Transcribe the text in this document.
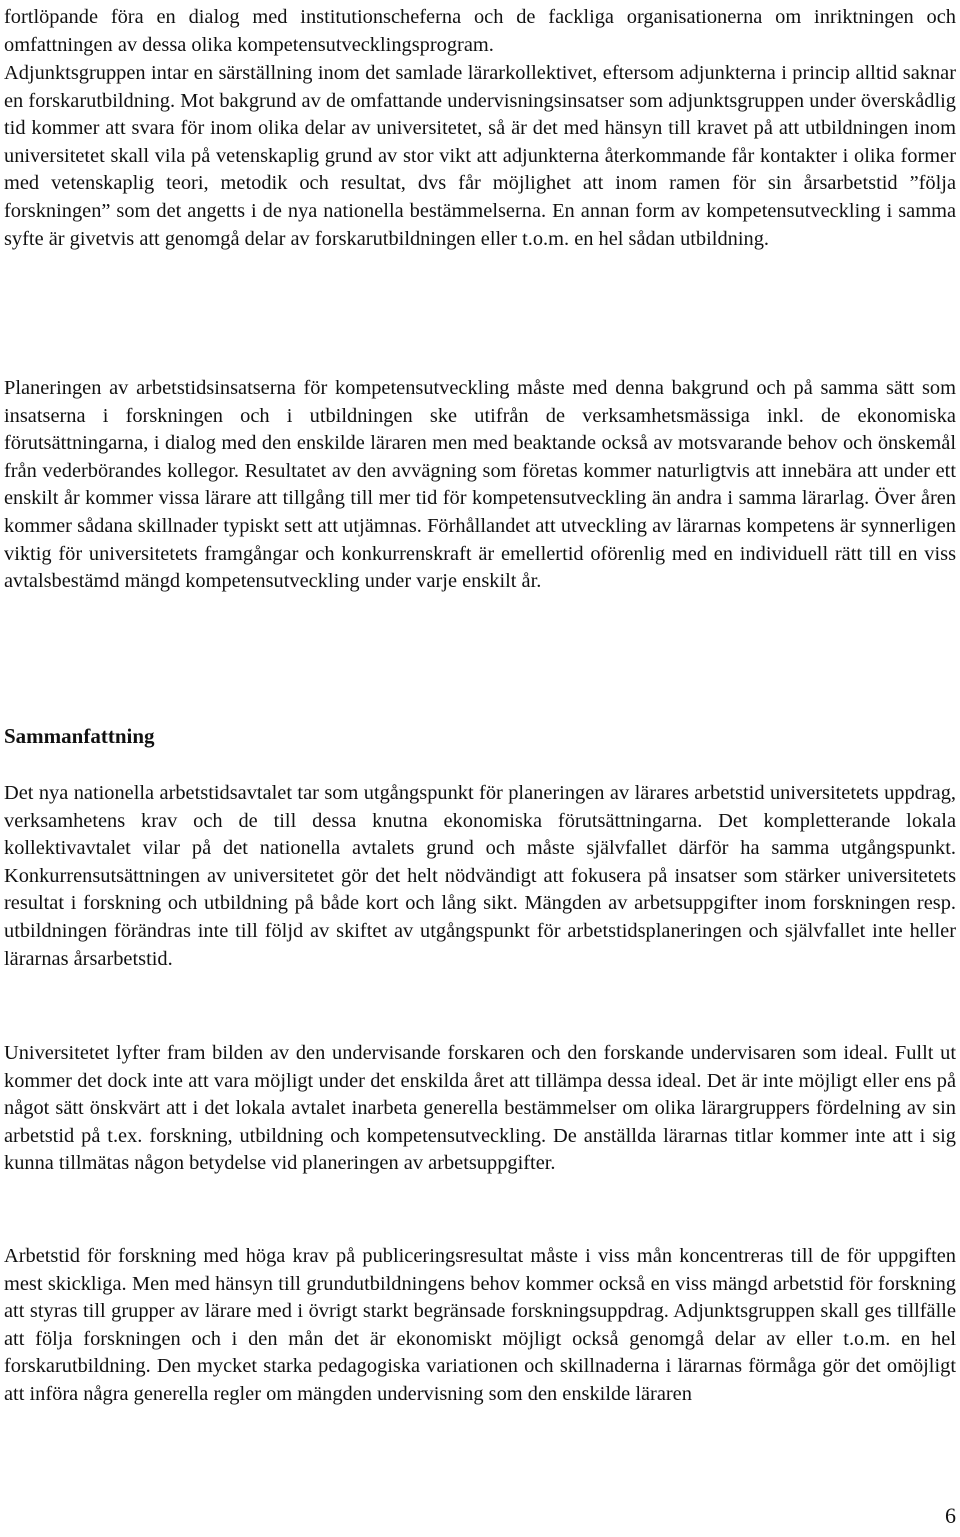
fortlöpande föra en dialog med institutionscheferna och de fackliga organisationerna om inriktningen och omfattningen av dessa olika kompetensutvecklingsprogram.

Adjunktsgruppen intar en särställning inom det samlade lärarkollektivet, eftersom adjunkterna i princip alltid saknar en forskarutbildning. Mot bakgrund av de omfattande undervisningsinsatser som adjunktsgruppen under överskådlig tid kommer att svara för inom olika delar av universitetet, så är det med hänsyn till kravet på att utbildningen inom universitetet skall vila på vetenskaplig grund av stor vikt att adjunkterna återkommande får kontakter i olika former med vetenskaplig teori, metodik och resultat, dvs får möjlighet att inom ramen för sin årsarbetstid ”följa forskningen” som det angetts i de nya nationella bestämmelserna. En annan form av kompetensutveckling i samma syfte är givetvis att genomgå delar av forskarutbildningen eller t.o.m. en hel sådan utbildning.

Planeringen av arbetstidsinsatserna för kompetensutveckling måste med denna bakgrund och på samma sätt som insatserna i forskningen och i utbildningen ske utifrån de verksamhetsmässiga inkl. de ekonomiska förutsättningarna, i dialog med den enskilde läraren men med beaktande också av motsvarande behov och önskemål från vederbörandes kollegor. Resultatet av den avvägning som företas kommer naturligtvis att innebära att under ett enskilt år kommer vissa lärare att tillgång till mer tid för kompetensutveckling än andra i samma lärarlag. Över åren kommer sådana skillnader typiskt sett att utjämnas. Förhållandet att utveckling av lärarnas kompetens är synnerligen viktig för universitetets framgångar och konkurrenskraft är emellertid oförenlig med en individuell rätt till en viss avtalsbestämd mängd kompetensutveckling under varje enskilt år.

Sammanfattning

Det nya nationella arbetstidsavtalet tar som utgångspunkt för planeringen av lärares arbetstid universitetets uppdrag, verksamhetens krav och de till dessa knutna ekonomiska förutsättningarna. Det kompletterande lokala kollektivavtalet vilar på det nationella avtalets grund och måste självfallet därför ha samma utgångspunkt. Konkurrensutsättningen av universitetet gör det helt nödvändigt att fokusera på insatser som stärker universitetets resultat i forskning och utbildning på både kort och lång sikt. Mängden av arbetsuppgifter inom forskningen resp. utbildningen förändras inte till följd av skiftet av utgångspunkt för arbetstidsplaneringen och självfallet inte heller lärarnas årsarbetstid.

Universitetet lyfter fram bilden av den undervisande forskaren och den forskande undervisaren som ideal. Fullt ut kommer det dock inte att vara möjligt under det enskilda året att tillämpa dessa ideal. Det är inte möjligt eller ens på något sätt önskvärt att i det lokala avtalet inarbeta generella bestämmelser om olika lärargruppers fördelning av sin arbetstid på t.ex. forskning, utbildning och kompetensutveckling. De anställda lärarnas titlar kommer inte att i sig kunna tillmätas någon betydelse vid planeringen av arbetsuppgifter.

Arbetstid för forskning med höga krav på publiceringsresultat måste i viss mån koncentreras till de för uppgiften mest skickliga. Men med hänsyn till grundutbildningens behov kommer också en viss mängd arbetstid för forskning att styras till grupper av lärare med i övrigt starkt begränsade forskningsuppdrag. Adjunktsgruppen skall ges tillfälle att följa forskningen och i den mån det är ekonomiskt möjligt också genomgå delar av eller t.o.m. en hel forskarutbildning. Den mycket starka pedagogiska variationen och skillnaderna i lärarnas förmåga gör det omöjligt att införa några generella regler om mängden undervisning som den enskilde läraren

6
